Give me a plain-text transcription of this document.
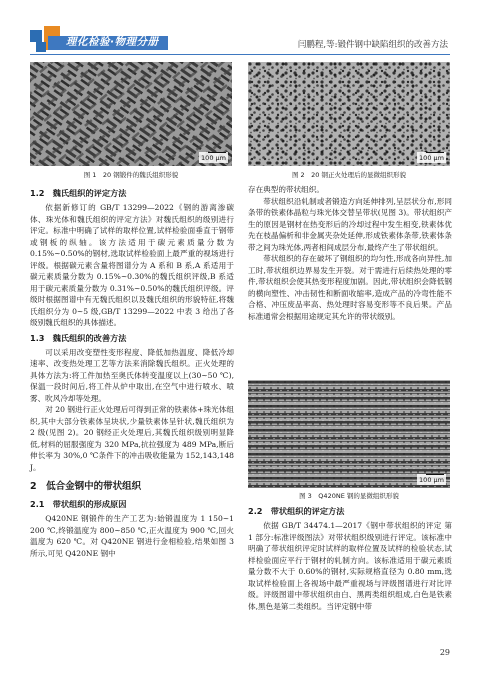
理化检验·物理分册	闫鹏程,等:锻件钢中缺陷组织的改善方法
100 μm
图 1　20 钢锻件的魏氏组织形貌
100 μm
图 2　20 钢正火处理后的显微组织形貌
1.2　魏氏组织的评定方法

依据新修订的 GB/T 13299—2022《钢的游离渗碳体、珠光体和魏氏组织的评定方法》对魏氏组织的级别进行评定。标准中明确了试样的取样位置,试样检验面垂直于钢带或钢板的纵轴。该方法适用于碳元素质量分数为 0.15%~0.50%的钢材,选取试样检验面上最严重的视场进行评级。根据碳元素含量将图谱分为 A 系和 B 系,A 系适用于碳元素质量分数为 0.15%~0.30%的魏氏组织评级,B 系适用于碳元素质量分数为 0.31%~0.50%的魏氏组织评级。评级时根据图谱中有无魏氏组织以及魏氏组织的形貌特征,将魏氏组织分为 0~5 级,GB/T 13299—2022 中表 3 给出了各级别魏氏组织的具体描述。

1.3　魏氏组织的改善方法

可以采用改变塑性变形程度、降低加热温度、降低冷却速率、改变热处理工艺等方法来消除魏氏组织。正火处理的具体方法为:将工件加热至奥氏体转变温度以上(30~50 ℃),保温一段时间后,将工件从炉中取出,在空气中进行喷水、喷雾、吹风冷却等处理。

对 20 钢进行正火处理后可得到正常的铁素体+珠光体组织,其中大部分铁素体呈块状,少量铁素体呈针状,魏氏组织为 2 级(见图 2)。20 钢经正火处理后,其魏氏组织级别明显降低,材料的屈服强度为 320 MPa,抗拉强度为 489 MPa,断后伸长率为 30%,0 ℃条件下的冲击吸收能量为 152,143,148 J。

2　低合金钢中的带状组织
2.1　带状组织的形成原因

Q420NE 钢锻件的生产工艺为:始锻温度为 1 150~1 200 ℃,终锻温度为 800~850 ℃,正火温度为 900 ℃,回火温度为 620 ℃。对 Q420NE 钢进行金相检验,结果如图 3 所示,可见 Q420NE 钢中

存在典型的带状组织。

带状组织沿轧制或者锻造方向延伸排列,呈层状分布,形同条带的铁素体晶粒与珠光体交替呈带状(见图 3)。带状组织产生的原因是钢材在热变形后的冷却过程中发生相变,铁素体优先在枝晶偏析和非金属夹杂处延伸,形成铁素体条带,铁素体条带之间为珠光体,两者相间成层分布,最终产生了带状组织。

带状组织的存在破坏了钢组织的均匀性,形成各向异性,加工时,带状组织边界易发生开裂。对于需进行后续热处理的零件,带状组织会使其热变形程度加剧。因此,带状组织会降低钢的横向塑性、冲击韧性和断面收缩率,造成产品的冷弯性能不合格、冲压废品率高、热处理时容易变形等不良后果。产品标准通常会根据用途规定其允许的带状级别。

100 μm
图 3　Q420NE 钢的显微组织形貌
2.2　带状组织的评定方法

依据 GB/T 34474.1—2017《钢中带状组织的评定 第 1 部分:标准评级图法》对带状组织级别进行评定。该标准中明确了带状组织评定时试样的取样位置及试样的检验状态,试样检验面应平行于钢材的轧制方向。该标准适用于碳元素质量分数不大于 0.60%的钢材,实际规格直径为 0.80 mm,选取试样检验面上各视场中最严重视场与评级图谱进行对比评级。评级图谱中带状组织由白、黑两类组织组成,白色是铁素体,黑色是第二类组织。当评定钢中带

29
